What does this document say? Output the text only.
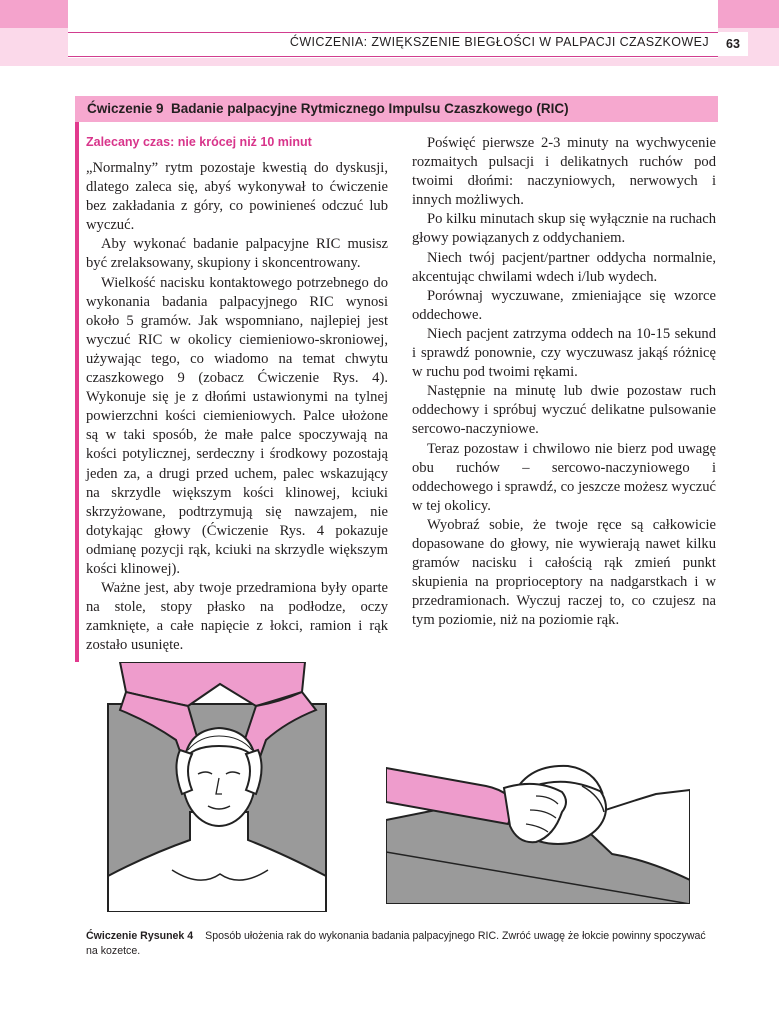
ĆWICZENIA: ZWIĘKSZENIE BIEGŁOŚCI W PALPACJI CZASZKOWEJ	63
Ćwiczenie 9 Badanie palpacyjne Rytmicznego Impulsu Czaszkowego (RIC)
Zalecany czas: nie krócej niż 10 minut

„Normalny” rytm pozostaje kwestią do dyskusji, dlatego zaleca się, abyś wykonywał to ćwiczenie bez zakładania z góry, co powinieneś odczuć lub wyczuć.

Aby wykonać badanie palpacyjne RIC musisz być zrelaksowany, skupiony i skoncentrowany.

Wielkość nacisku kontaktowego potrzebnego do wykonania badania palpacyjnego RIC wynosi około 5 gramów. Jak wspomniano, najlepiej jest wyczuć RIC w okolicy ciemieniowo-skroniowej, używając tego, co wiadomo na temat chwytu czaszkowego 9 (zobacz Ćwiczenie Rys. 4). Wykonuje się je z dłońmi ustawionymi na tylnej powierzchni kości ciemieniowych. Palce ułożone są w taki sposób, że małe palce spoczywają na kości potylicznej, serdeczny i środkowy pozostają jeden za, a drugi przed uchem, palec wskazujący na skrzydle większym kości klinowej, kciuki skrzyżowane, podtrzymują się nawzajem, nie dotykając głowy (Ćwiczenie Rys. 4 pokazuje odmianę pozycji rąk, kciuki na skrzydle większym kości klinowej).

Ważne jest, aby twoje przedramiona były oparte na stole, stopy płasko na podłodze, oczy zamknięte, a całe napięcie z łokci, ramion i rąk zostało usunięte.

Poświęć pierwsze 2-3 minuty na wychwycenie rozmaitych pulsacji i delikatnych ruchów pod twoimi dłońmi: naczyniowych, nerwowych i innych możliwych.

Po kilku minutach skup się wyłącznie na ruchach głowy powiązanych z oddychaniem.

Niech twój pacjent/partner oddycha normalnie, akcentując chwilami wdech i/lub wydech.

Porównaj wyczuwane, zmieniające się wzorce oddechowe.

Niech pacjent zatrzyma oddech na 10-15 sekund i sprawdź ponownie, czy wyczuwasz jakąś różnicę w ruchu pod twoimi rękami.

Następnie na minutę lub dwie pozostaw ruch oddechowy i spróbuj wyczuć delikatne pulsowanie sercowo-naczyniowe.

Teraz pozostaw i chwilowo nie bierz pod uwagę obu ruchów – sercowo-naczyniowego i oddechowego i sprawdź, co jeszcze możesz wyczuć w tej okolicy.

Wyobraź sobie, że twoje ręce są całkowicie dopasowane do głowy, nie wywierają nawet kilku gramów nacisku i całością rąk zmień punkt skupienia na proprioceptory na nadgarstkach i w przedramionach. Wyczuj raczej to, co czujesz na tym poziomie, niż na poziomie rąk.

Ćwiczenie Rysunek 4 Sposób ułożenia rak do wykonania badania palpacyjnego RIC. Zwróć uwagę że łokcie powinny spoczywać na kozetce.
